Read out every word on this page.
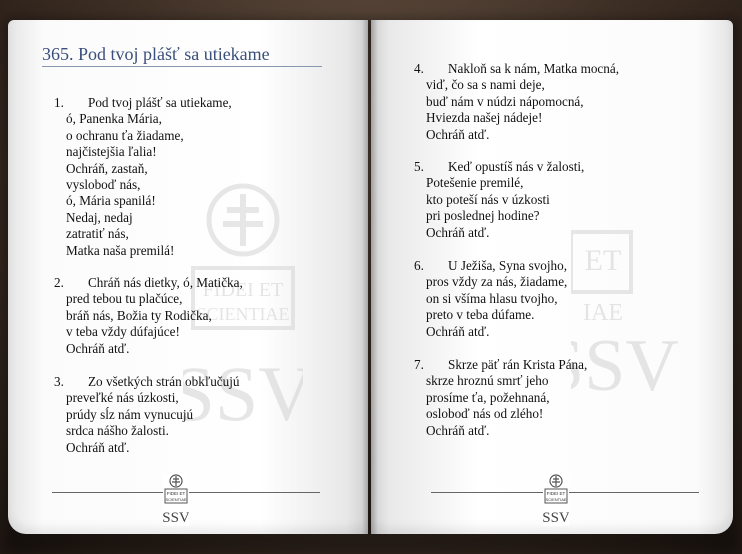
FIDEI ET
SCIENTIAE
SSV
365. Pod tvoj plášť sa utiekame
1. Pod tvoj plášť sa utiekame,
ó, Panenka Mária,
o ochranu ťa žiadame,
najčistejšia ľalia!
Ochráň, zastaň,
vysloboď nás,
ó, Mária spanilá!
Nedaj, nedaj
zatratiť nás,
Matka naša premilá!
2. Chráň nás dietky, ó, Matička,
pred tebou tu plačúce,
bráň nás, Božia ty Rodička,
v teba vždy dúfajúce!
Ochráň atď.
3. Zo všetkých strán obkľučujú
preveľké nás úzkosti,
prúdy sĺz nám vynucujú
srdca nášho žalosti.
Ochráň atď.
FIDEI ET
SCIENTIAE
SSV
ET
IAE
SV
4. Nakloň sa k nám, Matka mocná,
viď, čo sa s nami deje,
buď nám v núdzi nápomocná,
Hviezda našej nádeje!
Ochráň atď.
5. Keď opustíš nás v žalosti,
Potešenie premilé,
kto poteší nás v úzkosti
pri poslednej hodine?
Ochráň atď.
6. U Ježiša, Syna svojho,
pros vždy za nás, žiadame,
on si všíma hlasu tvojho,
preto v teba dúfame.
Ochráň atď.
7. Skrze päť rán Krista Pána,
skrze hroznú smrť jeho
prosíme ťa, požehnaná,
osloboď nás od zlého!
Ochráň atď.
FIDEI ET
SCIENTIAE
SSV
